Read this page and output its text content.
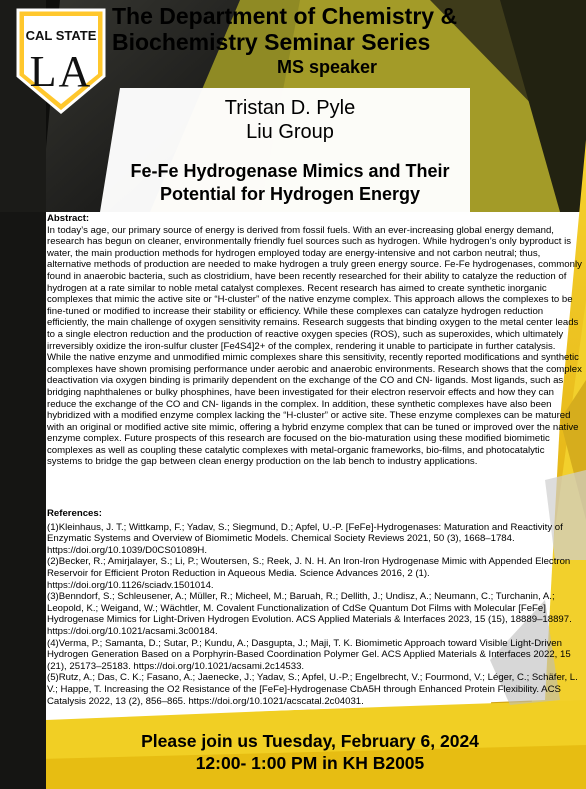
CAL STATE
LA
The Department of Chemistry &
Biochemistry Seminar Series
MS speaker
Tristan D. Pyle
Liu Group
Fe-Fe Hydrogenase Mimics and Their
Potential for Hydrogen Energy
Abstract:
In today’s age, our primary source of energy is derived from fossil fuels. With an ever-increasing global energy demand, research has begun on cleaner, environmentally friendly fuel sources such as hydrogen. While hydrogen’s only byproduct is water, the main production methods for hydrogen employed today are energy-intensive and not carbon neutral; thus, alternative methods of production are needed to make hydrogen a truly green energy source. Fe-Fe hydrogenases, commonly found in anaerobic bacteria, such as clostridium, have been recently researched for their ability to catalyze the reduction of hydrogen at a rate similar to noble metal catalyst complexes. Recent research has aimed to create synthetic inorganic complexes that mimic the active site or “H-cluster” of the native enzyme complex. This approach allows the complexes to be fine-tuned or modified to increase their stability or efficiency. While these complexes can catalyze hydrogen reduction efficiently, the main challenge of oxygen sensitivity remains. Research suggests that binding oxygen to the metal center leads to a single electron reduction and the production of reactive oxygen species (ROS), such as superoxides, which ultimately irreversibly oxidize the iron-sulfur cluster [Fe4S4]2+ of the complex, rendering it unable to participate in further catalysis. While the native enzyme and unmodified mimic complexes share this sensitivity, recently reported modifications and synthetic complexes have shown promising performance under aerobic and anaerobic environments. Research shows that the complex deactivation via oxygen binding is primarily dependent on the exchange of the CO and CN- ligands. Most ligands, such as bridging naphthalenes or bulky phosphines, have been investigated for their electron reservoir effects and how they can reduce the exchange of the CO and CN- ligands in the complex. In addition, these synthetic complexes have also been hybridized with a modified enzyme complex lacking the “H-cluster” or active site. These enzyme complexes can be matured with an original or modified active site mimic, offering a hybrid enzyme complex that can be tuned or improved over the native enzyme complex. Future prospects of this research are focused on the bio-maturation using these modified biomimetic complexes as well as coupling these catalytic complexes with metal-organic frameworks, bio-films, and photocatalytic systems to bridge the gap between clean energy production on the lab bench to industry applications.
References:

(1)Kleinhaus, J. T.; Wittkamp, F.; Yadav, S.; Siegmund, D.; Apfel, U.-P. [FeFe]-Hydrogenases: Maturation and Reactivity of Enzymatic Systems and Overview of Biomimetic Models. Chemical Society Reviews 2021, 50 (3), 1668–1784. https://doi.org/10.1039/D0CS01089H.

(2)Becker, R.; Amirjalayer, S.; Li, P.; Woutersen, S.; Reek, J. N. H. An Iron-Iron Hydrogenase Mimic with Appended Electron Reservoir for Efficient Proton Reduction in Aqueous Media. Science Advances 2016, 2 (1). https://doi.org/10.1126/sciadv.1501014.

(3)Benndorf, S.; Schleusener, A.; Müller, R.; Micheel, M.; Baruah, R.; Dellith, J.; Undisz, A.; Neumann, C.; Turchanin, A.; Leopold, K.; Weigand, W.; Wächtler, M. Covalent Functionalization of CdSe Quantum Dot Films with Molecular [FeFe] Hydrogenase Mimics for Light-Driven Hydrogen Evolution. ACS Applied Materials & Interfaces 2023, 15 (15), 18889–18897. https://doi.org/10.1021/acsami.3c00184.

(4)Verma, P.; Samanta, D.; Sutar, P.; Kundu, A.; Dasgupta, J.; Maji, T. K. Biomimetic Approach toward Visible Light-Driven Hydrogen Generation Based on a Porphyrin-Based Coordination Polymer Gel. ACS Applied Materials & Interfaces 2022, 15 (21), 25173–25183. https://doi.org/10.1021/acsami.2c14533.

(5)Rutz, A.; Das, C. K.; Fasano, A.; Jaenecke, J.; Yadav, S.; Apfel, U.-P.; Engelbrecht, V.; Fourmond, V.; Léger, C.; Schäfer, L. V.; Happe, T. Increasing the O2 Resistance of the [FeFe]-Hydrogenase CbA5H through Enhanced Protein Flexibility. ACS Catalysis 2022, 13 (2), 856–865. https://doi.org/10.1021/acscatal.2c04031.

Please join us Tuesday, February 6, 2024
12:00- 1:00 PM in KH B2005
